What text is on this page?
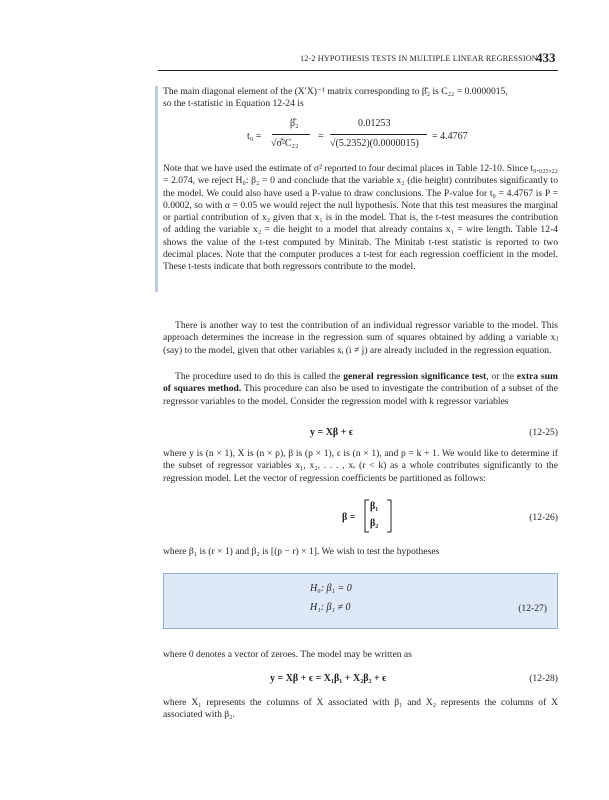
12-2 HYPOTHESIS TESTS IN MULTIPLE LINEAR REGRESSION
433

The main diagonal element of the (X′X)⁻¹ matrix corresponding to β̂₂ is C₂₂ = 0.0000015,

so the t-statistic in Equation 12-24 is

t₀ =
β̂₂
√σ̂²C₂₂
=
0.01253
√(5.2352)(0.0000015)
= 4.4767

Note that we have used the estimate of σ² reported to four decimal places in Table 12-10. Since t₀.₀₂₅,₂₂ = 2.074, we reject H₀: β₂ = 0 and conclude that the variable x₂ (die height) contributes significantly to the model. We could also have used a P-value to draw conclusions. The P-value for t₀ = 4.4767 is P = 0.0002, so with α = 0.05 we would reject the null hypothesis. Note that this test measures the marginal or partial contribution of x₂ given that x₁ is in the model. That is, the t-test measures the contribution of adding the variable x₂ = die height to a model that already contains x₁ = wire length. Table 12-4 shows the value of the t-test computed by Minitab. The Minitab t-test statistic is reported to two decimal places. Note that the computer produces a t-test for each regression coefficient in the model. These t-tests indicate that both regressors contribute to the model.

There is another way to test the contribution of an individual regressor variable to the model. This approach determines the increase in the regression sum of squares obtained by adding a variable xⱼ (say) to the model, given that other variables xᵢ (i ≠ j) are already included in the regression equation.

The procedure used to do this is called the general regression significance test, or the extra sum of squares method. This procedure can also be used to investigate the contribution of a subset of the regressor variables to the model. Consider the regression model with k regressor variables

y = Xβ + ϵ	(12-25)

where y is (n × 1), X is (n × p), β is (p × 1), ϵ is (n × 1), and p = k + 1. We would like to determine if the subset of regressor variables x₁, x₂, . . . , xᵣ (r < k) as a whole contributes significantly to the regression model. Let the vector of regression coefficients be partitioned as follows:

β =
β₁
β₂
(12-26)

where β₁ is (r × 1) and β₂ is [(p − r) × 1]. We wish to test the hypotheses

H₀: β₁ = 0
H₁: β₁ ≠ 0	(12-27)

where 0 denotes a vector of zeroes. The model may be written as

y = Xβ + ϵ = X₁β₁ + X₂β₂ + ϵ	(12-28)

where X₁ represents the columns of X associated with β₁ and X₂ represents the columns of X associated with β₂.
